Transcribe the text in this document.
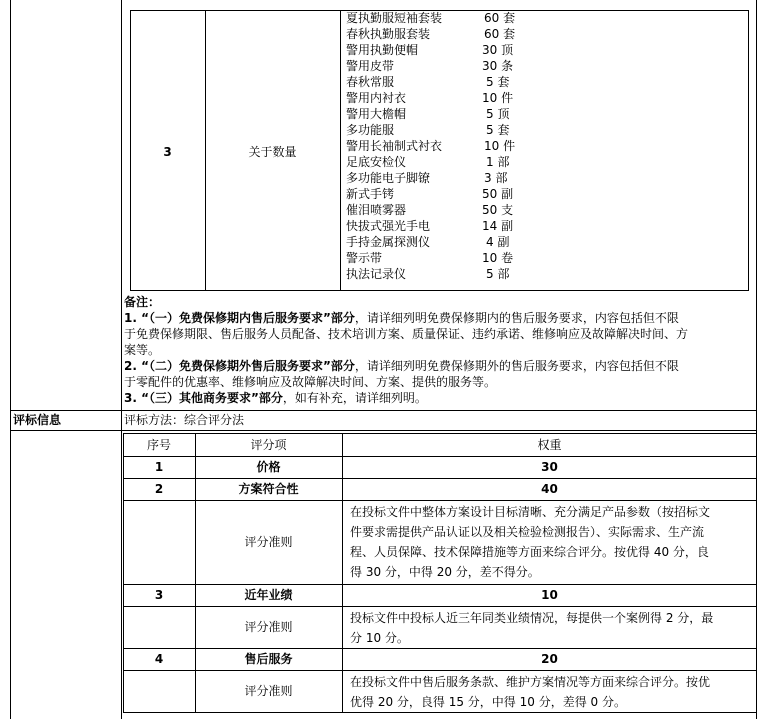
3	关于数量
夏执勤服短袖套装	60 套
春秋执勤服套装	60 套
警用执勤便帽	30 顶
警用皮带	30 条
春秋常服	5 套
警用内衬衣	10 件
警用大檐帽	5 顶
多功能服	5 套
警用长袖制式衬衣	10 件
足底安检仪	1 部
多功能电子脚镣	3 部
新式手铐	50 副
催泪喷雾器	50 支
快拔式强光手电	14 副
手持金属探测仪	4 副
警示带	10 卷
执法记录仪	5 部
备注：
1. “（一）免费保修期内售后服务要求”部分，请详细列明免费保修期内的售后服务要求，内容包括但不限
于免费保修期限、售后服务人员配备、技术培训方案、质量保证、违约承诺、维修响应及故障解决时间、方
案等。
2. “（二）免费保修期外售后服务要求”部分，请详细列明免费保修期外的售后服务要求，内容包括但不限
于零配件的优惠率、维修响应及故障解决时间、方案、提供的服务等。
3. “（三）其他商务要求”部分，如有补充，请详细列明。
评标信息	评标方法：综合评分法
序号	评分项	权重
1	价格	30
2	方案符合性	40
评分准则
在投标文件中整体方案设计目标清晰、充分满足产品参数（按招标文
件要求需提供产品认证以及相关检验检测报告）、实际需求、生产流
程、人员保障、技术保障措施等方面来综合评分。按优得 40 分，良
得 30 分，中得 20 分，差不得分。
3	近年业绩	10
评分准则
投标文件中投标人近三年同类业绩情况，每提供一个案例得 2 分，最
分 10 分。
4	售后服务	20
评分准则
在投标文件中售后服务条款、维护方案情况等方面来综合评分。按优
优得 20 分，良得 15 分，中得 10 分，差得 0 分。
